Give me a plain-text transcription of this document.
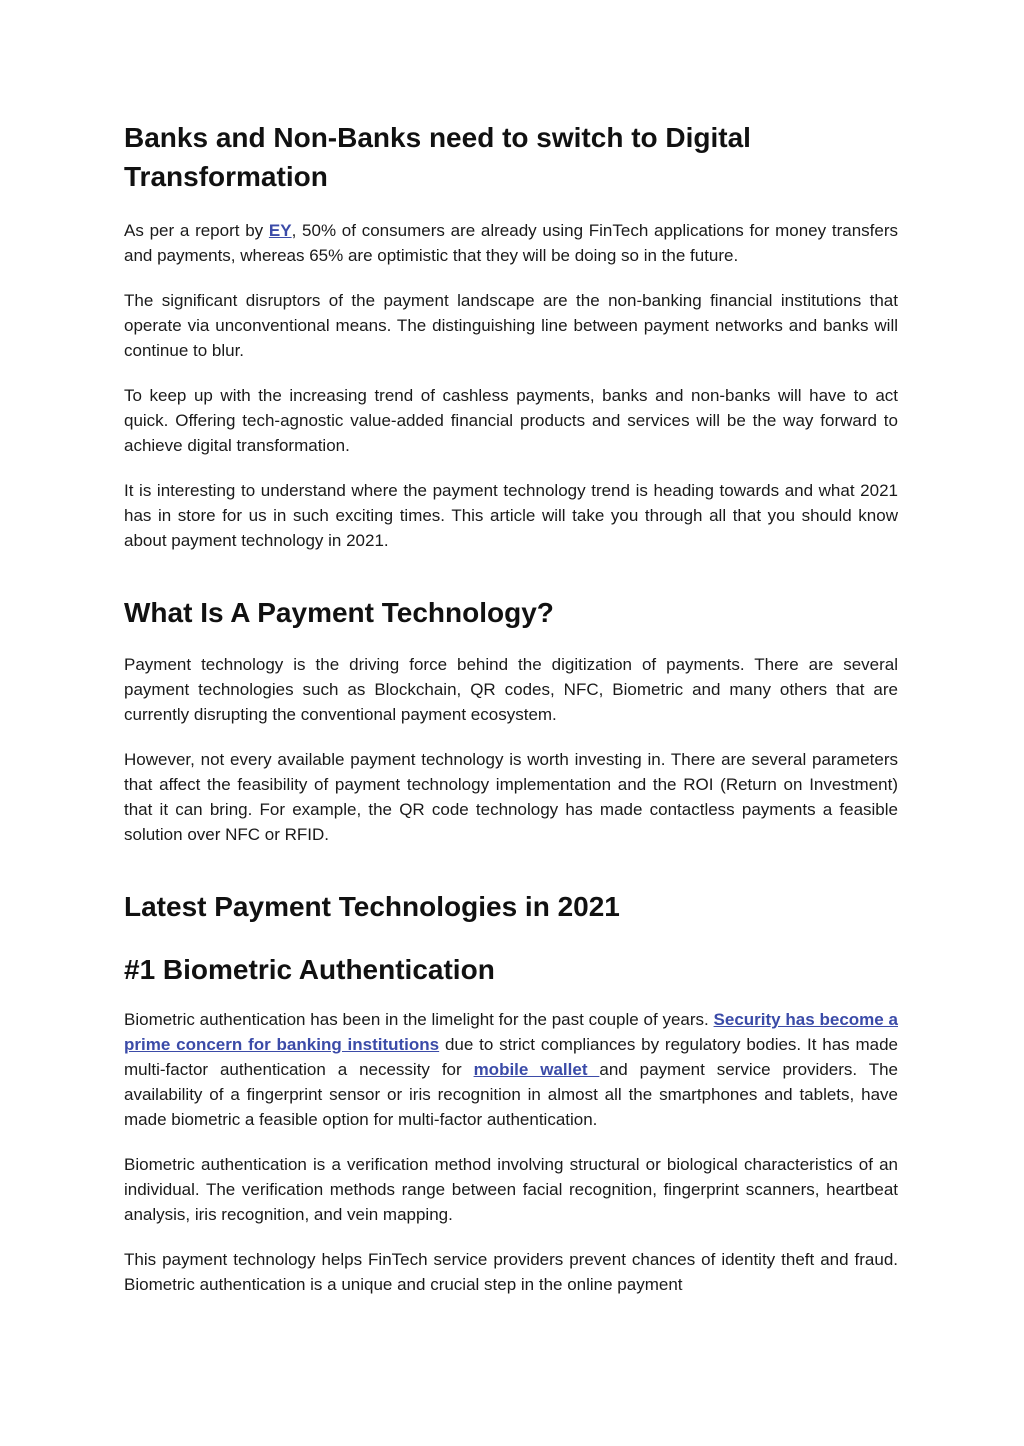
Banks and Non-Banks need to switch to Digital Transformation

As per a report by EY, 50% of consumers are already using FinTech applications for money transfers and payments, whereas 65% are optimistic that they will be doing so in the future.

The significant disruptors of the payment landscape are the non-banking financial institutions that operate via unconventional means. The distinguishing line between payment networks and banks will continue to blur.

To keep up with the increasing trend of cashless payments, banks and non-banks will have to act quick. Offering tech-agnostic value-added financial products and services will be the way forward to achieve digital transformation.

It is interesting to understand where the payment technology trend is heading towards and what 2021 has in store for us in such exciting times. This article will take you through all that you should know about payment technology in 2021.

What Is A Payment Technology?

Payment technology is the driving force behind the digitization of payments. There are several payment technologies such as Blockchain, QR codes, NFC, Biometric and many others that are currently disrupting the conventional payment ecosystem.

However, not every available payment technology is worth investing in. There are several parameters that affect the feasibility of payment technology implementation and the ROI (Return on Investment) that it can bring. For example, the QR code technology has made contactless payments a feasible solution over NFC or RFID.

Latest Payment Technologies in 2021
#1 Biometric Authentication

Biometric authentication has been in the limelight for the past couple of years. Security has become a prime concern for banking institutions due to strict compliances by regulatory bodies. It has made multi-factor authentication a necessity for mobile wallet and payment service providers. The availability of a fingerprint sensor or iris recognition in almost all the smartphones and tablets, have made biometric a feasible option for multi-factor authentication.

Biometric authentication is a verification method involving structural or biological characteristics of an individual. The verification methods range between facial recognition, fingerprint scanners, heartbeat analysis, iris recognition, and vein mapping.

This payment technology helps FinTech service providers prevent chances of identity theft and fraud. Biometric authentication is a unique and crucial step in the online payment
